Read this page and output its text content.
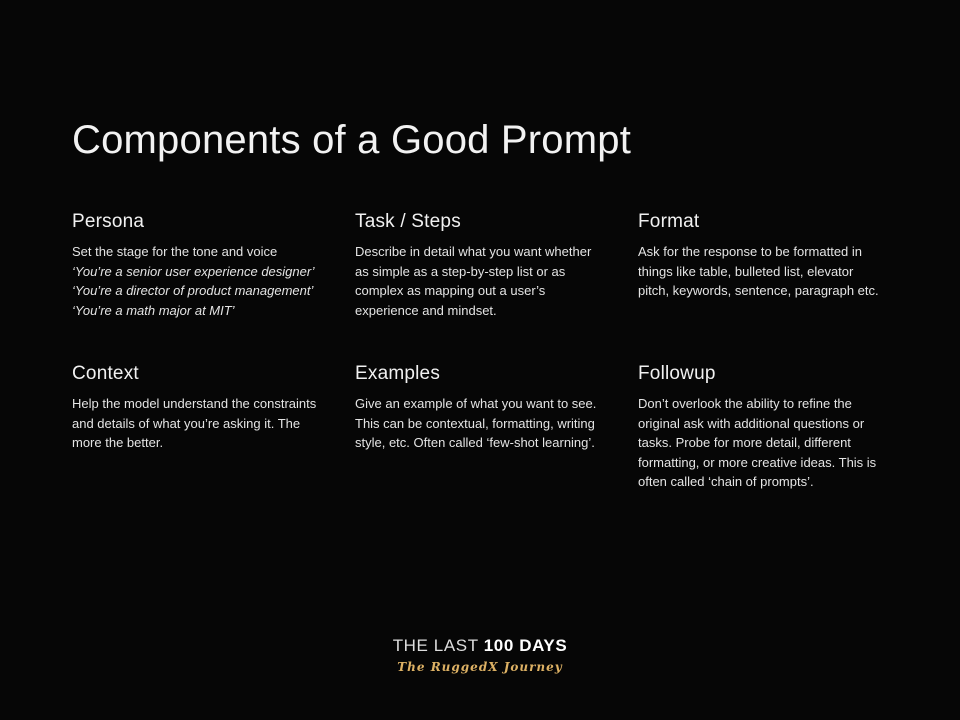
Components of a Good Prompt
Persona

Set the stage for the tone and voice

‘You’re a senior user experience designer’

‘You’re a director of product management’

‘You’re a math major at MIT’

Task / Steps

Describe in detail what you want whether as simple as a step-by-step list or as complex as mapping out a user’s experience and mindset.

Format

Ask for the response to be formatted in things like table, bulleted list, elevator pitch, keywords, sentence, paragraph etc.

Context

Help the model understand the constraints and details of what you’re asking it. The more the better.

Examples

Give an example of what you want to see. This can be contextual, formatting, writing style, etc. Often called ‘few-shot learning’.

Followup

Don’t overlook the ability to refine the original ask with additional questions or tasks. Probe for more detail, different formatting, or more creative ideas. This is often called ‘chain of prompts’.

THE LAST 100 DAYS
The RuggedX Journey
